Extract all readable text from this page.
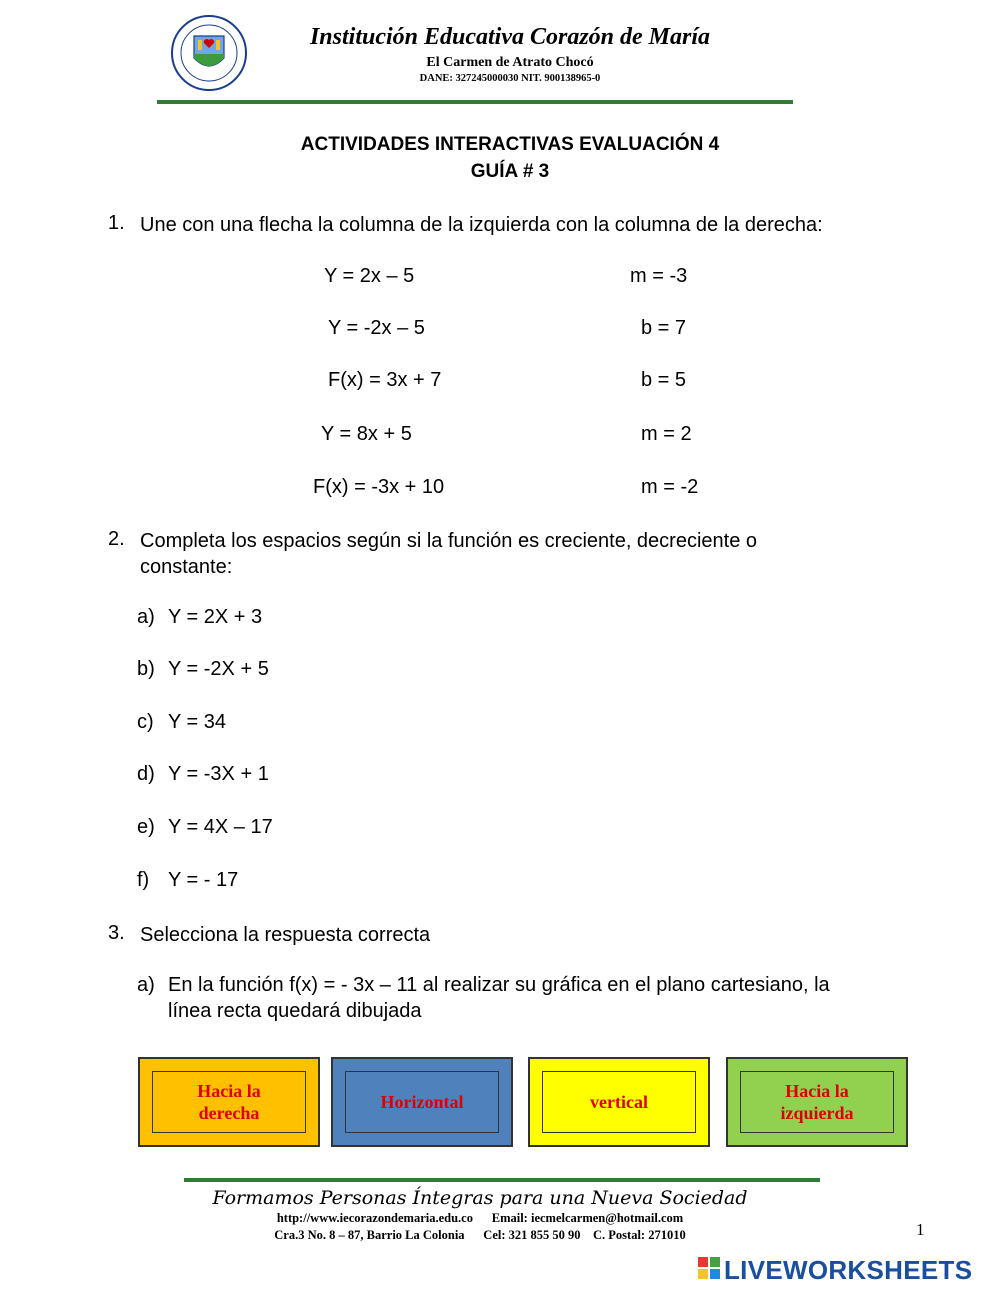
Institución Educativa Corazón de María
El Carmen de Atrato Chocó
DANE: 327245000030 NIT. 900138965-0
ACTIVIDADES INTERACTIVAS EVALUACIÓN 4
GUÍA # 3
1. Une con una flecha la columna de la izquierda con la columna de la derecha:
Y = 2x – 5
Y = -2x – 5
F(x) = 3x + 7
Y = 8x + 5
F(x) = -3x + 10
m = -3
b = 7
b = 5
m = 2
m = -2
2. Completa los espacios según si la función es creciente, decreciente o
constante:
a) Y = 2X + 3
b) Y = -2X + 5
c) Y = 34
d) Y = -3X + 1
e) Y = 4X – 17
f) Y = - 17
3. Selecciona la respuesta correcta
a) En la función f(x) = - 3x – 11 al realizar su gráfica en el plano cartesiano, la
línea recta quedará dibujada
Hacia la
derecha
Horizontal	vertical
Hacia la
izquierda
Formamos Personas Íntegras para una Nueva Sociedad
http://www.iecorazondemaria.edu.co      Email: iecmelcarmen@hotmail.com
Cra.3 No. 8 – 87, Barrio La Colonia      Cel: 321 855 50 90    C. Postal: 271010	1
LIVEWORKSHEETS
